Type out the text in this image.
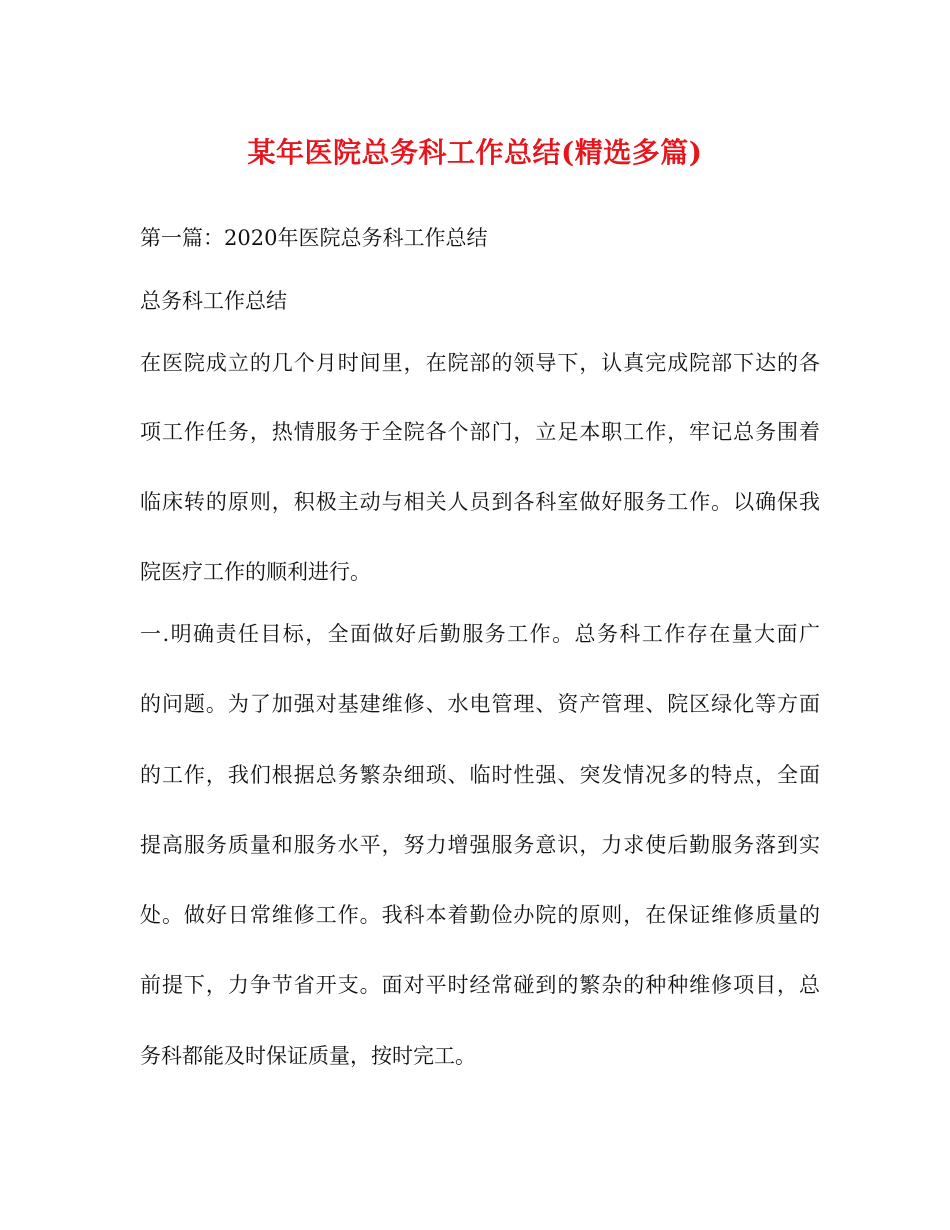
某年医院总务科工作总结(精选多篇)
第一篇：2020年医院总务科工作总结
总务科工作总结
在医院成立的几个月时间里，在院部的领导下，认真完成院部下达的各
项工作任务，热情服务于全院各个部门，立足本职工作，牢记总务围着
临床转的原则，积极主动与相关人员到各科室做好服务工作。以确保我
院医疗工作的顺利进行。
一.明确责任目标，全面做好后勤服务工作。总务科工作存在量大面广
的问题。为了加强对基建维修、水电管理、资产管理、院区绿化等方面
的工作，我们根据总务繁杂细琐、临时性强、突发情况多的特点，全面
提高服务质量和服务水平，努力增强服务意识，力求使后勤服务落到实
处。做好日常维修工作。我科本着勤俭办院的原则，在保证维修质量的
前提下，力争节省开支。面对平时经常碰到的繁杂的种种维修项目，总
务科都能及时保证质量，按时完工。
